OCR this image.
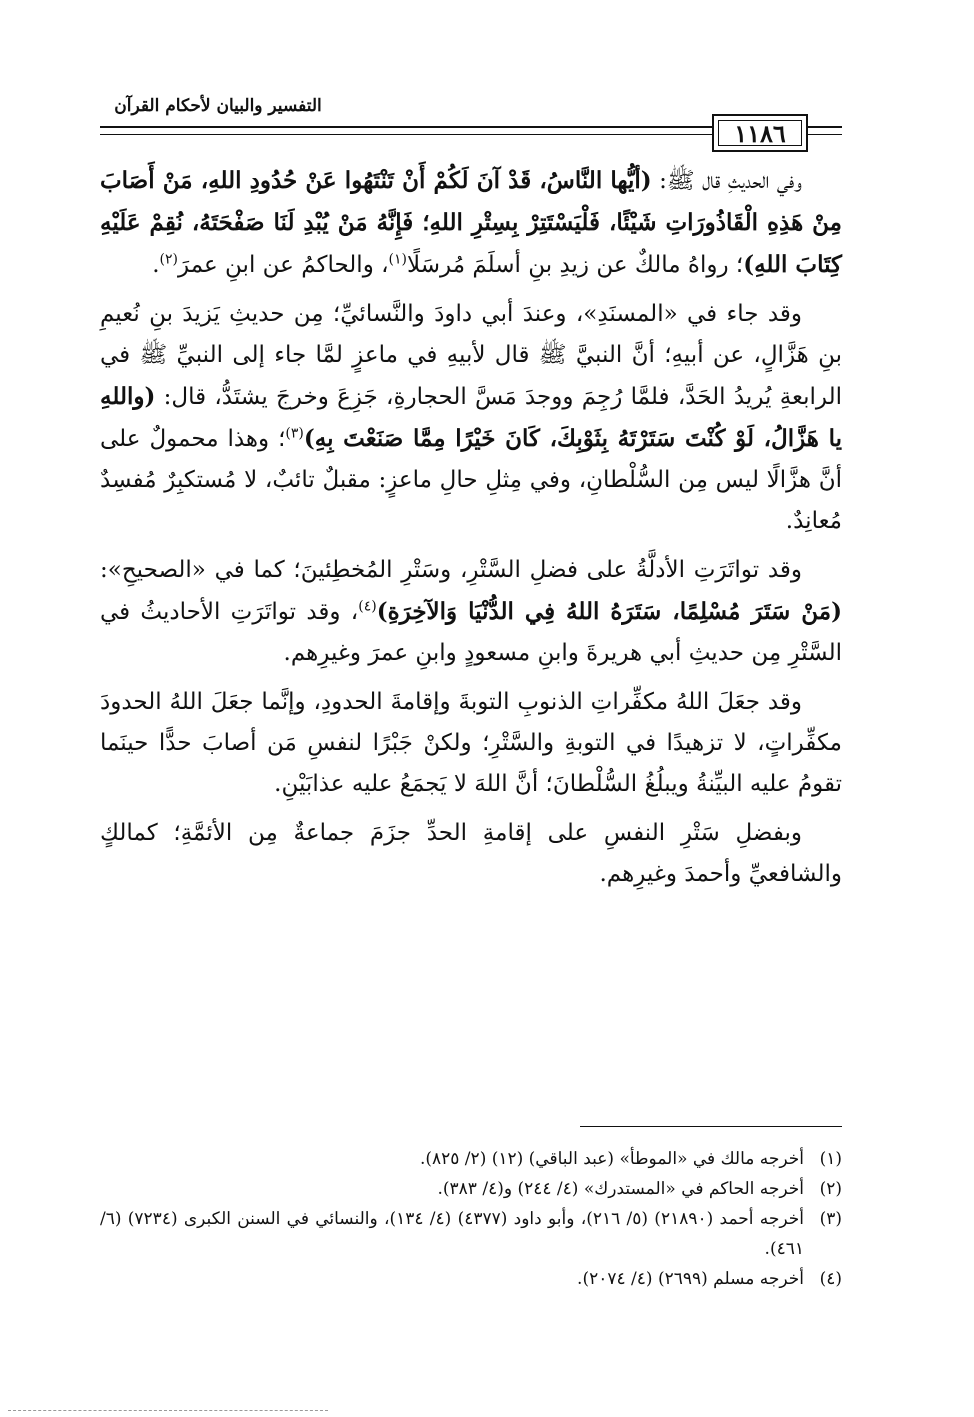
التفسير والبيان لأحكام القرآن
١١٨٦

وفي الحديثِ قال ﷺ: (أيُّها النَّاسُ، قَدْ آنَ لَكُمْ أَنْ تَنْتَهُوا عَنْ حُدُودِ اللهِ، مَنْ أَصَابَ مِنْ هَذِهِ الْقَاذُورَاتِ شَيْئًا، فَلْيَسْتَتِرْ بِسِتْرِ اللهِ؛ فَإِنَّهُ مَنْ يُبْدِ لَنَا صَفْحَتَهُ، نُقِمْ عَلَيْهِ كِتَابَ اللهِ)؛ رواهُ مالكٌ عن زيدِ بنِ أسلَمَ مُرسَلًا$^{(١)}$، والحاكمُ عن ابنِ عمرَ$^{(٢)}$.

وقد جاء في «المسنَدِ»، وعندَ أبي داودَ والنَّسائيِّ؛ مِن حديثِ يَزيدَ بنِ نُعيمِ بنِ هَزَّالٍ، عن أبيهِ؛ أنَّ النبيَّ ﷺ قال لأبيهِ في ماعزٍ لمَّا جاء إلى النبيِّ ﷺ في الرابعةِ يُريدُ الحَدَّ، فلمَّا رُجِمَ ووجدَ مَسَّ الحجارةِ، جَزِعَ وخرجَ يشتَدُّ، قال: (واللهِ يا هَزَّالُ، لَوْ كُنْتَ سَتَرْتَهُ بِثَوْبِكَ، كَانَ خَيْرًا مِمَّا صَنَعْتَ بِهِ)$^{(٣)}$؛ وهذا محمولٌ على أنَّ هزَّالًا ليس مِن السُّلْطانِ، وفي مِثلِ حالِ ماعزٍ: مقبلٌ تائبٌ، لا مُستكبِرٌ مُفسِدٌ مُعانِدٌ.

وقد تواتَرَتِ الأدلَّةُ على فضلِ السَّتْرِ، وسَتْرِ المُخطِئينَ؛ كما في «الصحيحِ»: (مَنْ سَتَرَ مُسْلِمًا، سَتَرَهُ اللهُ فِي الدُّنْيَا وَالآخِرَةِ)$^{(٤)}$، وقد تواتَرَتِ الأحاديثُ في السَّتْرِ مِن حديثِ أبي هريرةَ وابنِ مسعودٍ وابنِ عمرَ وغيرِهم.

وقد جعَلَ اللهُ مكفِّراتِ الذنوبِ التوبةَ وإقامةَ الحدودِ، وإنَّما جعَلَ اللهُ الحدودَ مكفِّراتٍ، لا تزهيدًا في التوبةِ والسَّتْرِ؛ ولكنْ جَبْرًا لنفسِ مَن أصابَ حدًّا حينَما تقومُ عليه البيِّنةُ ويبلُغُ السُّلْطانَ؛ أنَّ اللهَ لا يَجمَعُ عليه عذابَيْنِ.

وبفضلِ سَتْرِ النفسِ على إقامةِ الحدِّ جزَمَ جماعةٌ مِن الأئمَّةِ؛ كمالكٍ والشافعيِّ وأحمدَ وغيرِهم.

(١)
أخرجه مالك في «الموطأ» (عبد الباقي) (١٢) (٢/ ٨٢٥).
(٢)
أخرجه الحاكم في «المستدرك» (٤/ ٢٤٤) و(٤/ ٣٨٣).
(٣)
أخرجه أحمد (٢١٨٩٠) (٥/ ٢١٦)، وأبو داود (٤٣٧٧) (٤/ ١٣٤)، والنسائي في السنن الكبرى (٧٢٣٤) (٦/ ٤٦١).
(٤)
أخرجه مسلم (٢٦٩٩) (٤/ ٢٠٧٤).
